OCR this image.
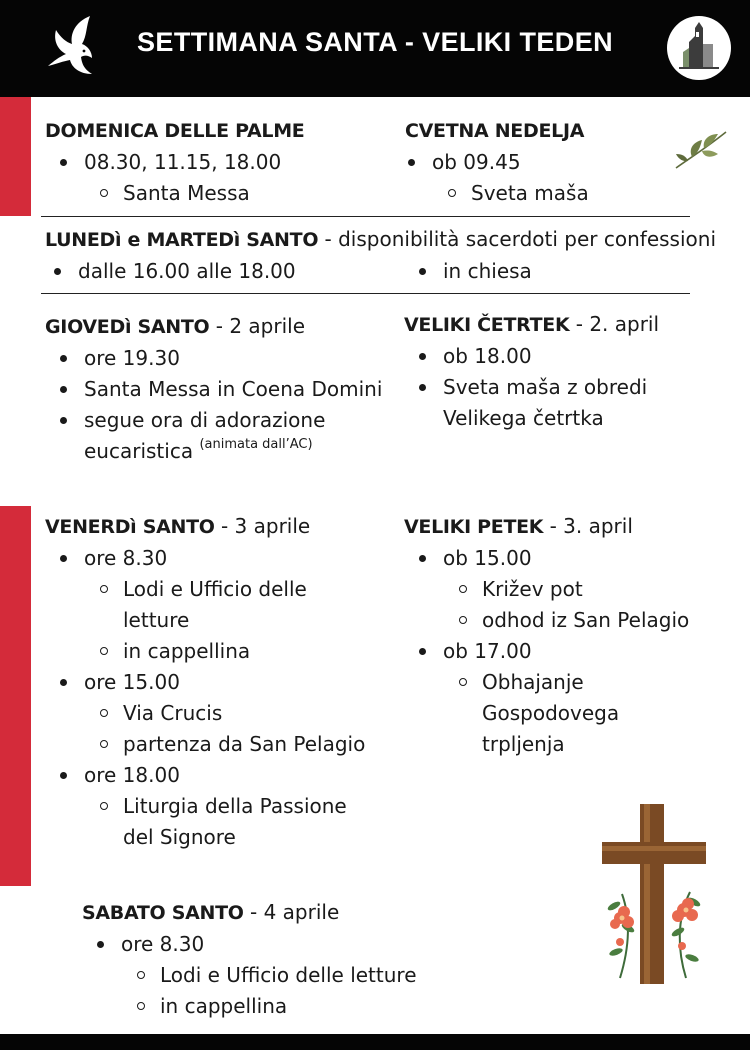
SETTIMANA SANTA - VELIKI TEDEN

DOMENICA DELLE PALME

08.30, 11.15, 18.00
Santa Messa

CVETNA NEDELJA

ob 09.45
Sveta maša

LUNEDì e MARTEDì SANTO - disponibilità sacerdoti per confessioni

dalle 16.00 alle 18.00	in chiesa

GIOVEDì SANTO - 2 aprile

ore 19.30
Santa Messa in Coena Domini
segue ora di adorazione eucaristica $^{(animata dall’AC)}$

VELIKI ČETRTEK - 2. april

ob 18.00
Sveta maša z obredi Velikega četrtka

VENERDì SANTO - 3 aprile

ore 8.30
Lodi e Ufficio delle letture
in cappellina
ore 15.00
Via Crucis
partenza da San Pelagio
ore 18.00
Liturgia della Passione del Signore

VELIKI PETEK - 3. april

ob 15.00
Križev pot
odhod iz San Pelagio
ob 17.00
Obhajanje Gospodovega trpljenja

SABATO SANTO - 4 aprile

ore 8.30
Lodi e Ufficio delle letture
in cappellina
